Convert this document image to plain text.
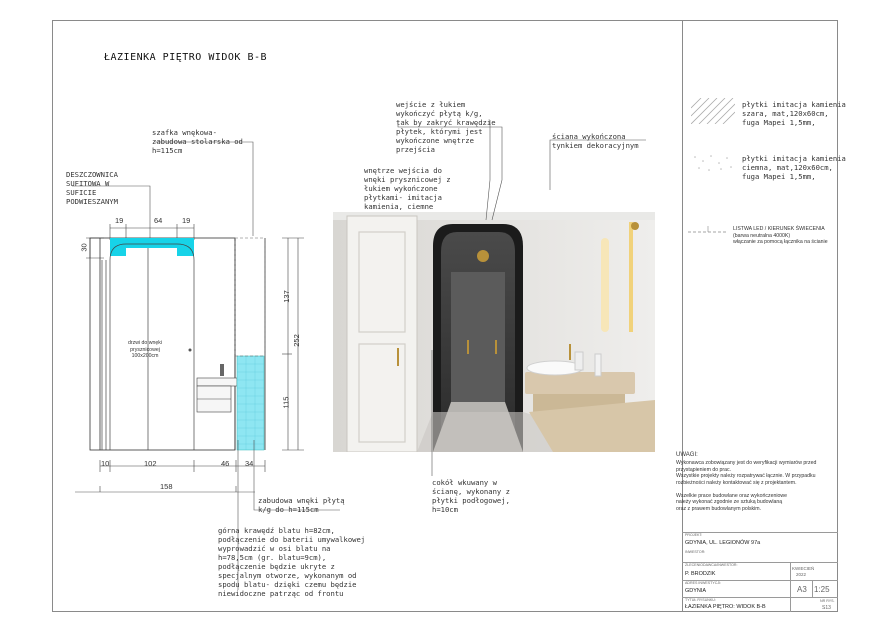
ŁAZIENKA PIĘTRO WIDOK B-B
19	64	19
30
137
252
115
10	102	46 34
158
DESZCZOWNICA
SUFITOWA W
SUFICIE
PODWIESZANYM
szafka wnękowa-
zabudowa stolarska od
h=115cm
drzwi do wnęki
prysznicowej
100x200cm
zabudowa wnęki płytą
k/g do h=115cm
górna krawędź blatu h=82cm,
podłączenie do baterii umywalkowej
wyprowadzić w osi blatu na
h=78,5cm (gr. blatu=9cm),
podłączenie będzie ukryte z
specjalnym otworze, wykonanym od
spodu blatu- dzięki czemu będzie
niewidoczne patrząc od frontu
wejście z łukiem
wykończyć płytą k/g,
tak by zakryć krawędzie
płytek, którymi jest
wykończone wnętrze
przejścia
wnętrze wejścia do
wnęki prysznicowej z
łukiem wykończone
płytkami- imitacja
kamienia, ciemne
ściana wykończona
tynkiem dekoracyjnym
cokół wkuwany w
ścianę, wykonany z
płytki podłogowej,
h=10cm
płytki imitacja kamienia
szara, mat,120x60cm,
fuga Mapei 1,5mm,
płytki imitacja kamienia
ciemna, mat,120x60cm,
fuga Mapei 1,5mm,
LISTWA LED / KIERUNEK ŚWIECENIA
(barwa neutralna 4000K)
włączanie za pomocą łącznika na ścianie
UWAGI:
Wykonawca zobowiązany jest do weryfikacji wymiarów przed
przystąpieniem do prac.
Wszystkie projekty należy rozpatrywać łącznie. W przypadku
rozbieżności należy kontaktować się z projektantem.

Wszelkie prace budowlane oraz wykończeniowe
należy wykonać zgodnie ze sztuką budowlaną
oraz z prawem budowlanym polskim.
PROJEKT:
GDYNIA, UL. LEGIONÓW 97a
INWESTOR:
ZLECENIODAWCA/INWESTOR:
P. BRODZIK
KWIECIEŃ
2022
ADRES INWESTYCJI:
GDYNIA	A3 1:25
TYTUŁ RYSUNKU:
ŁAZIENKA PIĘTRO: WIDOK B-B
NR RYS.
S13
